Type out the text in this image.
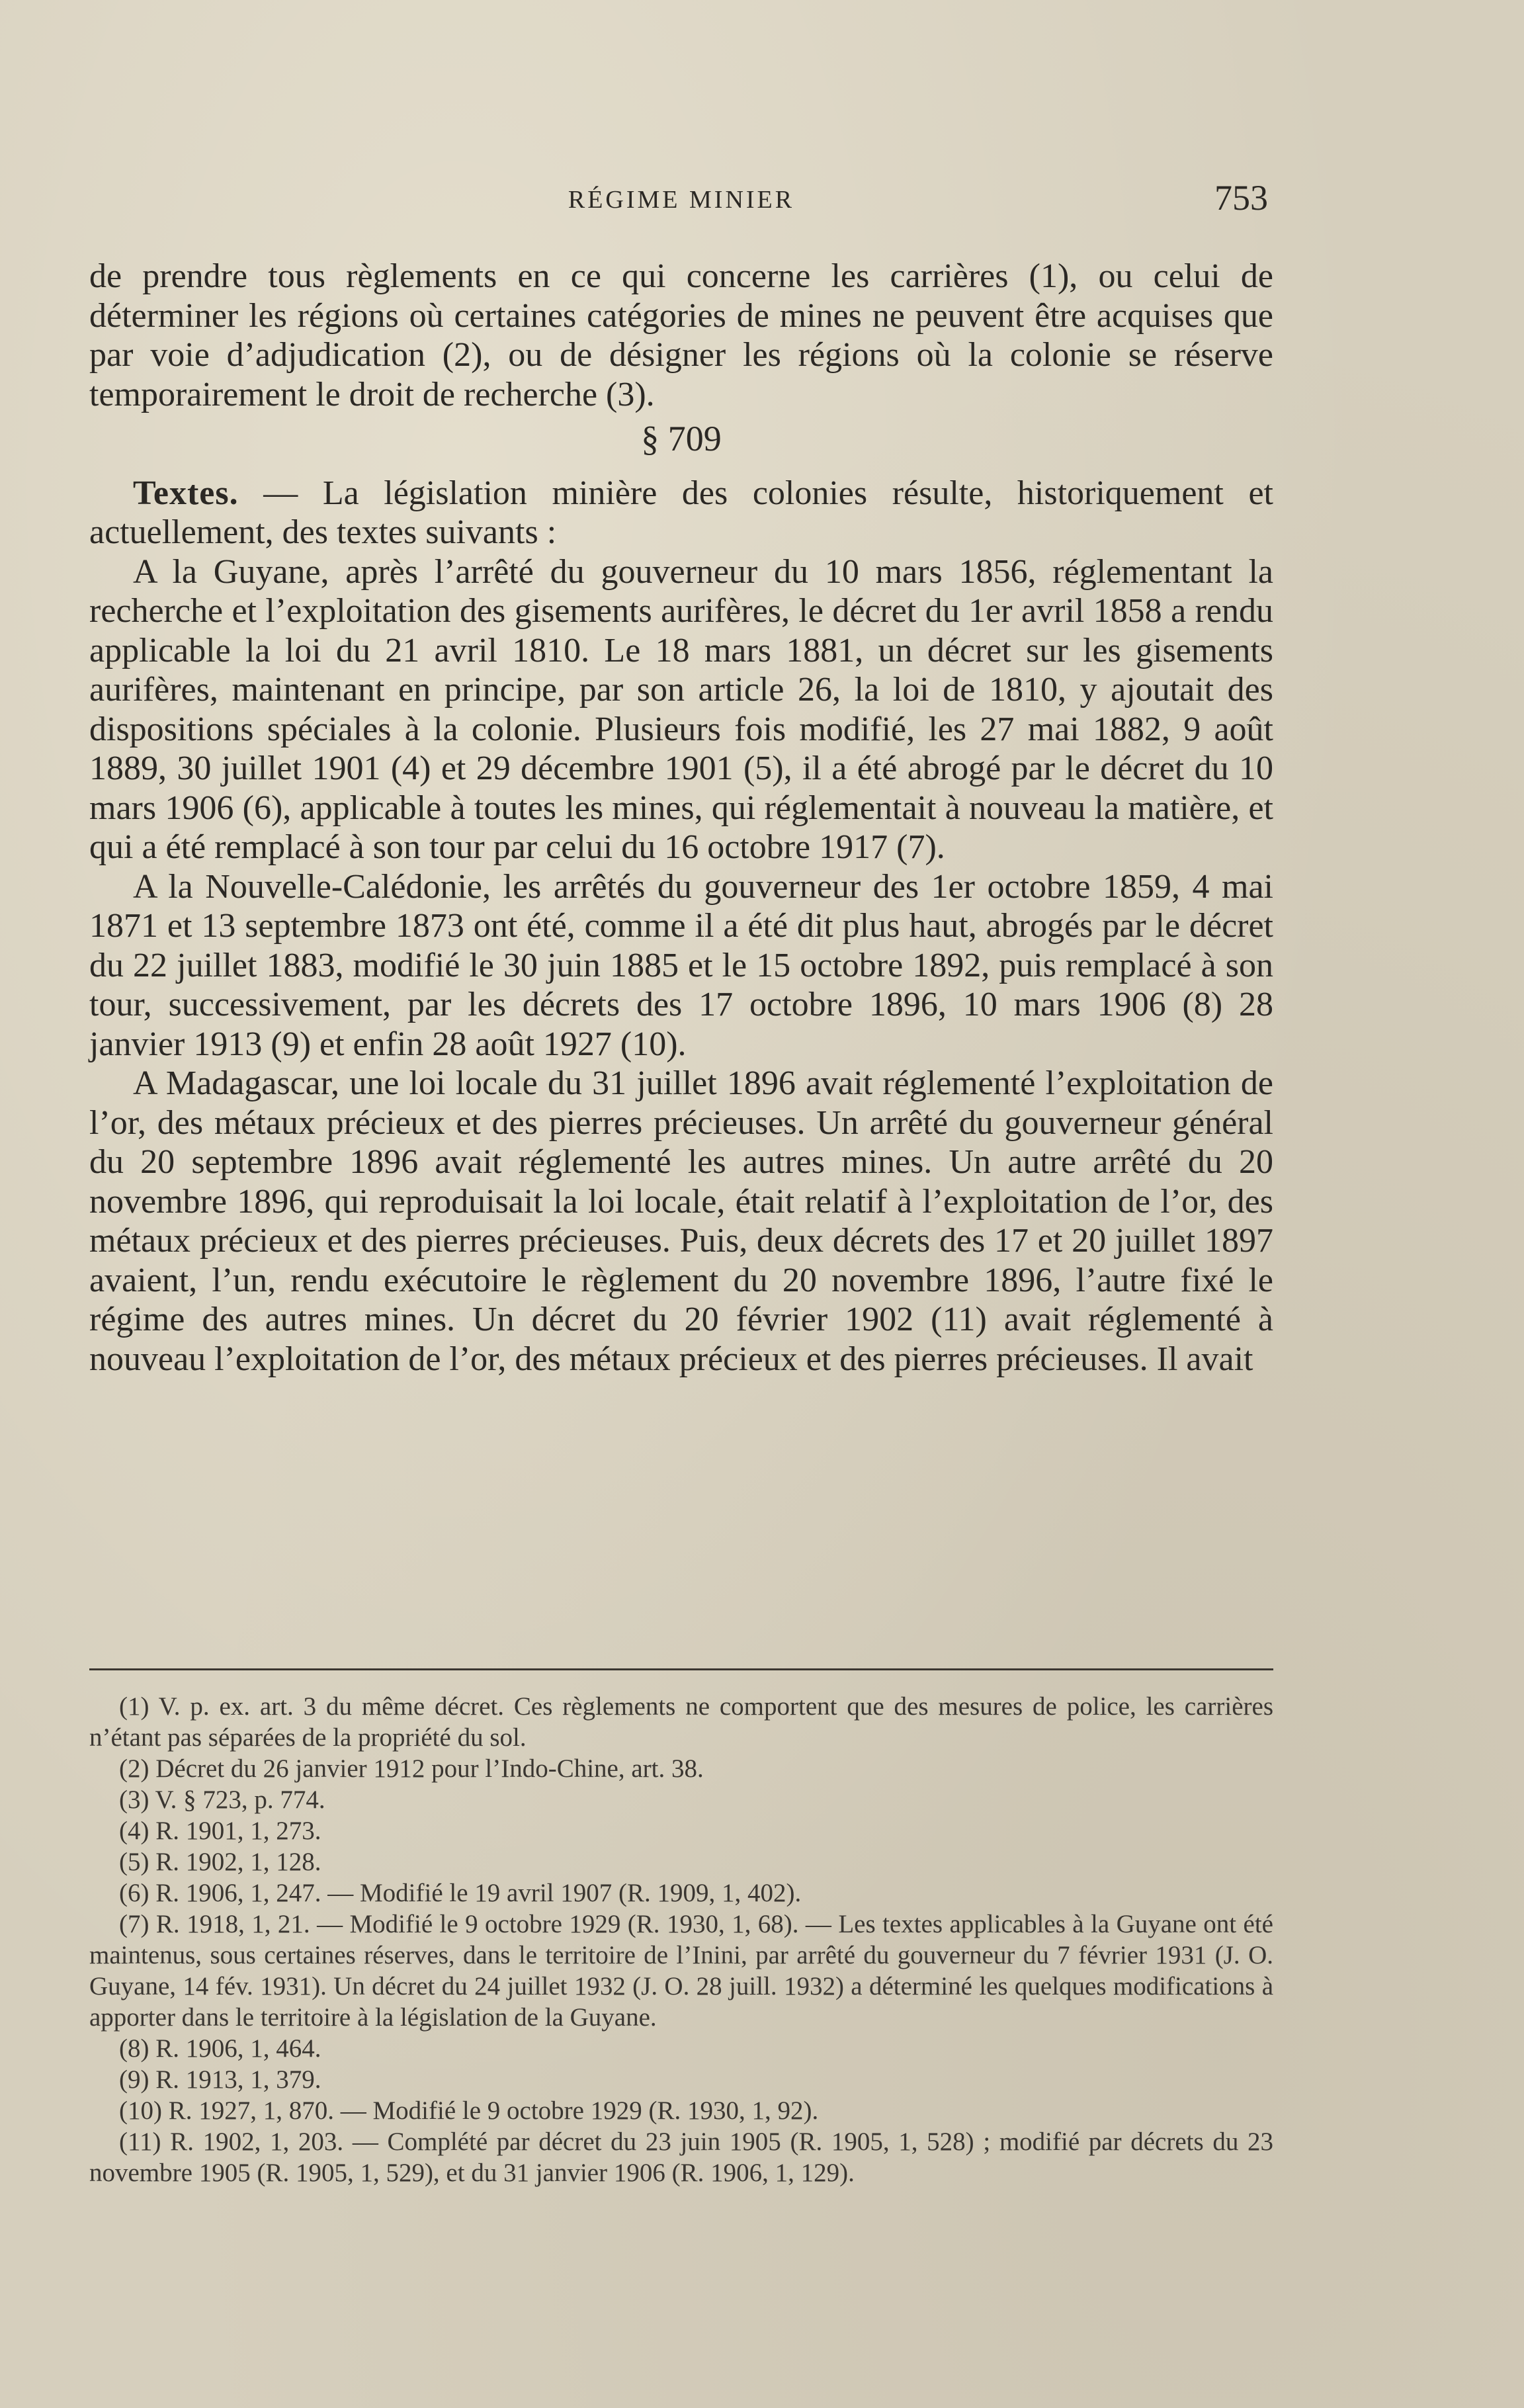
RÉGIME MINIER	753

de prendre tous règlements en ce qui concerne les carrières (1), ou celui de déterminer les régions où certaines catégories de mines ne peuvent être acquises que par voie d’adjudication (2), ou de désigner les régions où la colonie se réserve temporairement le droit de recherche (3).

§ 709

Textes. — La législation minière des colonies résulte, historiquement et actuellement, des textes suivants :

A la Guyane, après l’arrêté du gouverneur du 10 mars 1856, réglementant la recherche et l’exploitation des gisements aurifères, le décret du 1er avril 1858 a rendu applicable la loi du 21 avril 1810. Le 18 mars 1881, un décret sur les gisements aurifères, maintenant en principe, par son article 26, la loi de 1810, y ajoutait des dispositions spéciales à la colonie. Plusieurs fois modifié, les 27 mai 1882, 9 août 1889, 30 juillet 1901 (4) et 29 décembre 1901 (5), il a été abrogé par le décret du 10 mars 1906 (6), applicable à toutes les mines, qui réglementait à nouveau la matière, et qui a été remplacé à son tour par celui du 16 octobre 1917 (7).

A la Nouvelle-Calédonie, les arrêtés du gouverneur des 1er octobre 1859, 4 mai 1871 et 13 septembre 1873 ont été, comme il a été dit plus haut, abrogés par le décret du 22 juillet 1883, modifié le 30 juin 1885 et le 15 octobre 1892, puis remplacé à son tour, successivement, par les décrets des 17 octobre 1896, 10 mars 1906 (8) 28 janvier 1913 (9) et enfin 28 août 1927 (10).

A Madagascar, une loi locale du 31 juillet 1896 avait réglementé l’exploitation de l’or, des métaux précieux et des pierres précieuses. Un arrêté du gouverneur général du 20 septembre 1896 avait réglementé les autres mines. Un autre arrêté du 20 novembre 1896, qui reproduisait la loi locale, était relatif à l’exploitation de l’or, des métaux précieux et des pierres précieuses. Puis, deux décrets des 17 et 20 juillet 1897 avaient, l’un, rendu exécutoire le règlement du 20 novembre 1896, l’autre fixé le régime des autres mines. Un décret du 20 février 1902 (11) avait réglementé à nouveau l’exploitation de l’or, des métaux précieux et des pierres précieuses. Il avait

(1) V. p. ex. art. 3 du même décret. Ces règlements ne comportent que des mesures de police, les carrières n’étant pas séparées de la propriété du sol.

(2) Décret du 26 janvier 1912 pour l’Indo-Chine, art. 38.

(3) V. § 723, p. 774.

(4) R. 1901, 1, 273.

(5) R. 1902, 1, 128.

(6) R. 1906, 1, 247. — Modifié le 19 avril 1907 (R. 1909, 1, 402).

(7) R. 1918, 1, 21. — Modifié le 9 octobre 1929 (R. 1930, 1, 68). — Les textes applicables à la Guyane ont été maintenus, sous certaines réserves, dans le territoire de l’Inini, par arrêté du gouverneur du 7 février 1931 (J. O. Guyane, 14 fév. 1931). Un décret du 24 juillet 1932 (J. O. 28 juill. 1932) a déterminé les quelques modifications à apporter dans le territoire à la législation de la Guyane.

(8) R. 1906, 1, 464.

(9) R. 1913, 1, 379.

(10) R. 1927, 1, 870. — Modifié le 9 octobre 1929 (R. 1930, 1, 92).

(11) R. 1902, 1, 203. — Complété par décret du 23 juin 1905 (R. 1905, 1, 528) ; modifié par décrets du 23 novembre 1905 (R. 1905, 1, 529), et du 31 janvier 1906 (R. 1906, 1, 129).
